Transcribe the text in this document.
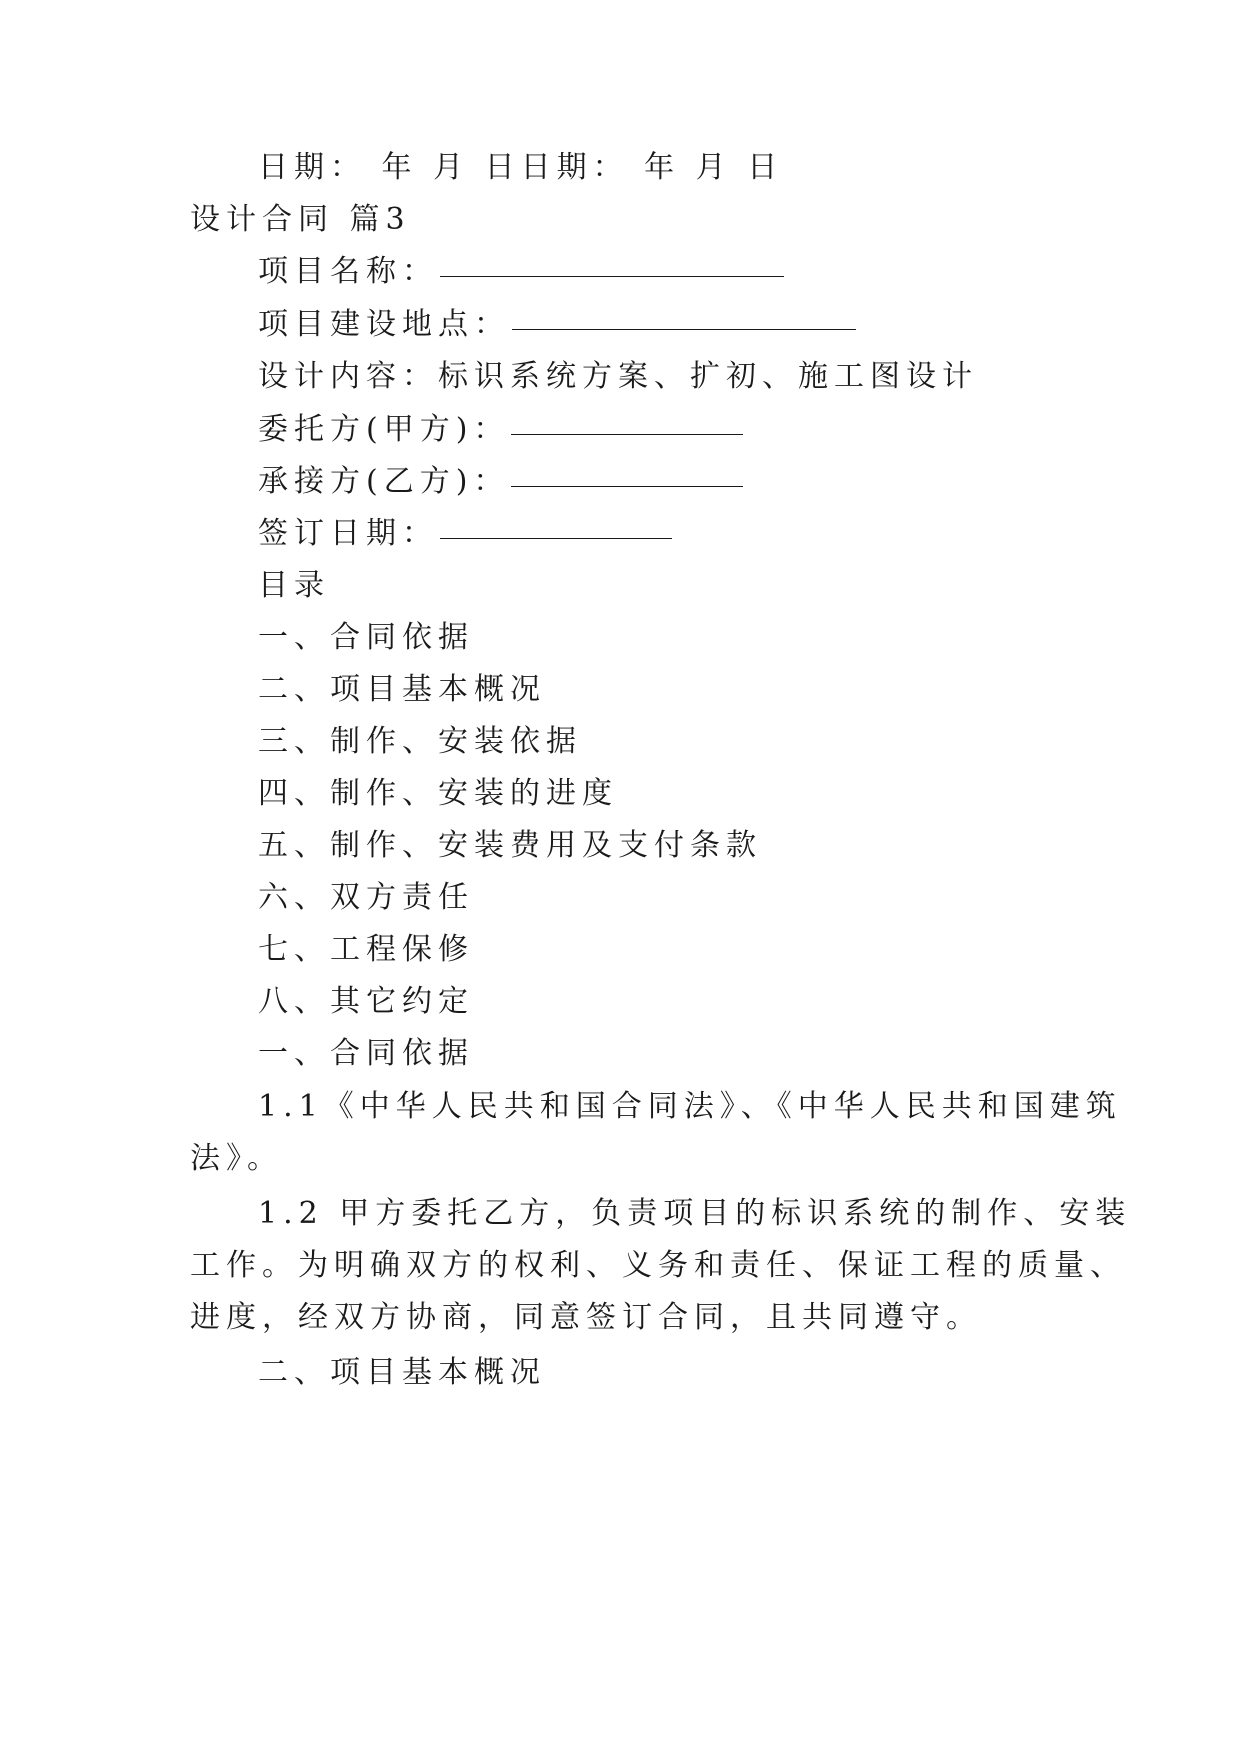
日期： 年 月 日日期： 年 月 日

设计合同 篇3

项目名称：

项目建设地点：

设计内容：标识系统方案、扩初、施工图设计

委托方(甲方)：

承接方(乙方)：

签订日期：

目录

一、合同依据

二、项目基本概况

三、制作、安装依据

四、制作、安装的进度

五、制作、安装费用及支付条款

六、双方责任

七、工程保修

八、其它约定

一、合同依据

1.1《中华人民共和国合同法》、《中华人民共和国建筑

法》。

1.2 甲方委托乙方，负责项目的标识系统的制作、安装

工作。为明确双方的权利、义务和责任、保证工程的质量、

进度，经双方协商，同意签订合同，且共同遵守。

二、项目基本概况
